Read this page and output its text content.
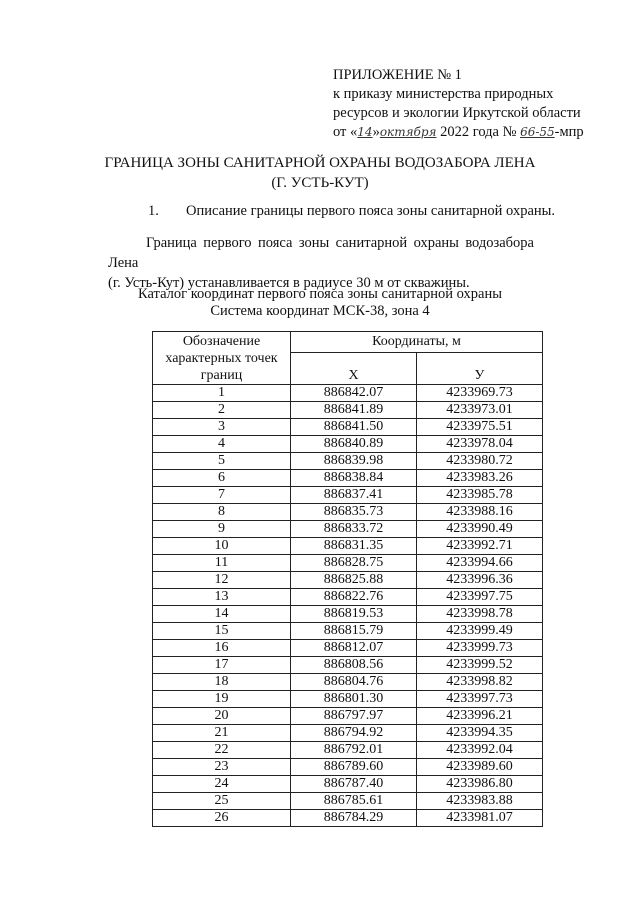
ПРИЛОЖЕНИЕ № 1
к приказу министерства природных
ресурсов и экологии Иркутской области
от «14»октября 2022 года № 66-55-мпр
ГРАНИЦА ЗОНЫ САНИТАРНОЙ ОХРАНЫ ВОДОЗАБОРА ЛЕНА
(Г. УСТЬ-КУТ)
1. Описание границы первого пояса зоны санитарной охраны.

Граница первого пояса зоны санитарной охраны водозабора Лена

(г. Усть-Кут) устанавливается в радиусе 30 м от скважины.

Каталог координат первого пояса зоны санитарной охраны
Система координат МСК-38, зона 4
Обозначение характерных точек границ	Координаты, м	
	X	У
1	886842.07	4233969.73
2	886841.89	4233973.01
3	886841.50	4233975.51
4	886840.89	4233978.04
5	886839.98	4233980.72
6	886838.84	4233983.26
7	886837.41	4233985.78
8	886835.73	4233988.16
9	886833.72	4233990.49
10	886831.35	4233992.71
11	886828.75	4233994.66
12	886825.88	4233996.36
13	886822.76	4233997.75
14	886819.53	4233998.78
15	886815.79	4233999.49
16	886812.07	4233999.73
17	886808.56	4233999.52
18	886804.76	4233998.82
19	886801.30	4233997.73
20	886797.97	4233996.21
21	886794.92	4233994.35
22	886792.01	4233992.04
23	886789.60	4233989.60
24	886787.40	4233986.80
25	886785.61	4233983.88
26	886784.29	4233981.07
